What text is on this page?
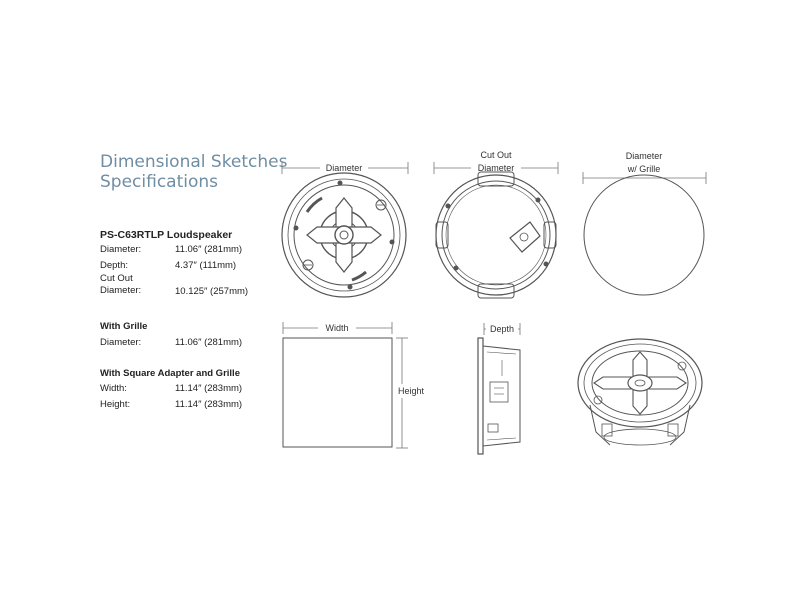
Dimensional Sketches
Specifications
PS-C63RTLP Loudspeaker
Diameter:	11.06″ (281mm)
Depth:	4.37″ (111mm)
Cut Out
Diameter:	10.125″ (257mm)
With Grille
Diameter:	11.06″ (281mm)
With Square Adapter and Grille
Width:	11.14″ (283mm)
Height:	11.14″ (283mm)
Diameter
Cut Out
Diameter
Diameter
w/ Grille
Width
Height
Depth
